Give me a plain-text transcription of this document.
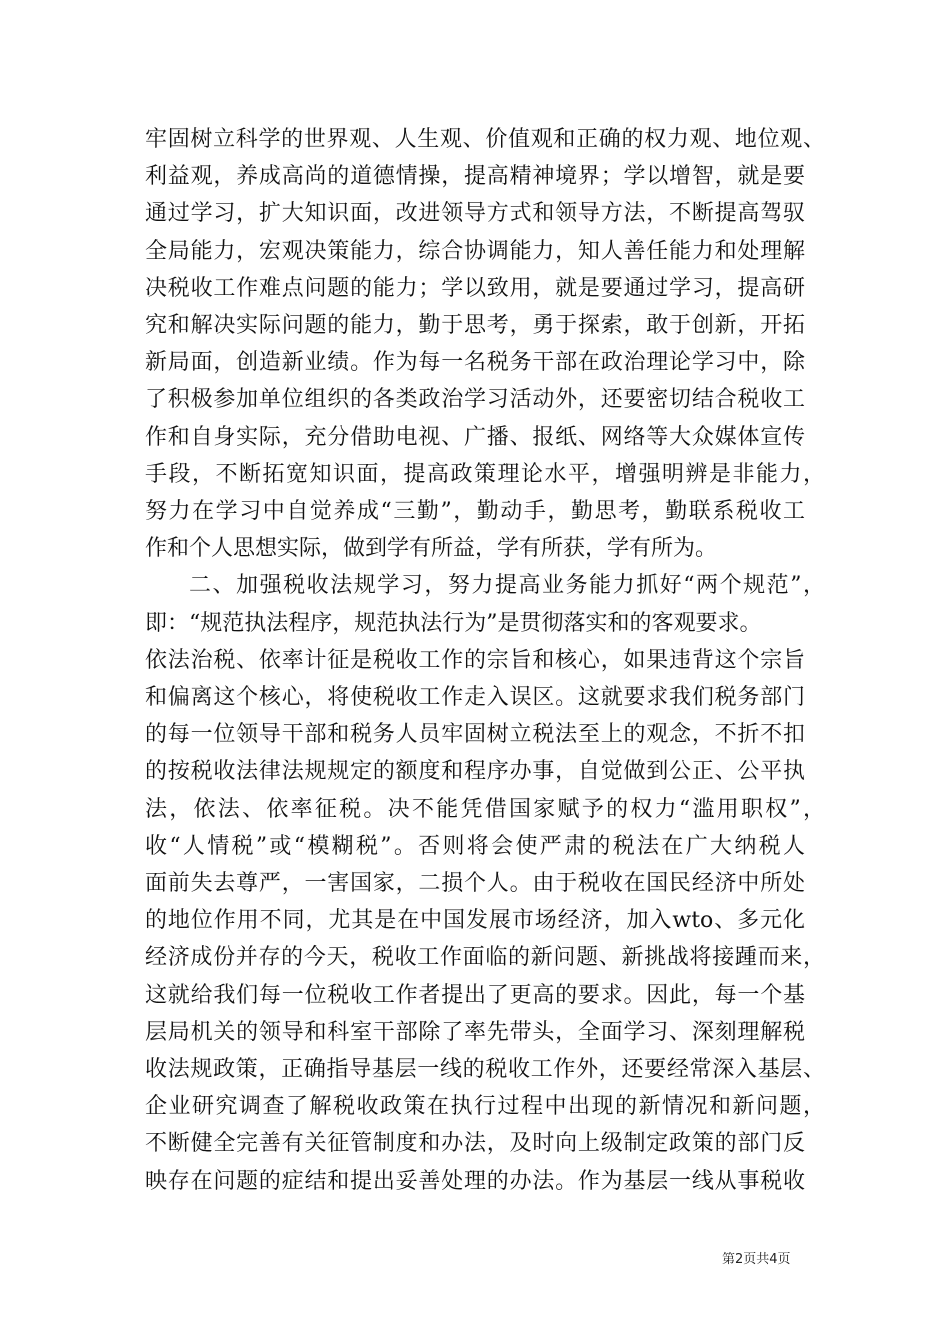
牢固树立科学的世界观、人生观、价值观和正确的权力观、地位观、
利益观，养成高尚的道德情操，提高精神境界；学以增智，就是要
通过学习，扩大知识面，改进领导方式和领导方法，不断提高驾驭
全局能力，宏观决策能力，综合协调能力，知人善任能力和处理解
决税收工作难点问题的能力；学以致用，就是要通过学习，提高研
究和解决实际问题的能力，勤于思考，勇于探索，敢于创新，开拓
新局面，创造新业绩。作为每一名税务干部在政治理论学习中，除
了积极参加单位组织的各类政治学习活动外，还要密切结合税收工
作和自身实际，充分借助电视、广播、报纸、网络等大众媒体宣传
手段，不断拓宽知识面，提高政策理论水平，增强明辨是非能力，
努力在学习中自觉养成“三勤”，勤动手，勤思考，勤联系税收工
作和个人思想实际，做到学有所益，学有所获，学有所为。
二、加强税收法规学习，努力提高业务能力抓好“两个规范”，
即：“规范执法程序，规范执法行为”是贯彻落实和的客观要求。
依法治税、依率计征是税收工作的宗旨和核心，如果违背这个宗旨
和偏离这个核心，将使税收工作走入误区。这就要求我们税务部门
的每一位领导干部和税务人员牢固树立税法至上的观念，不折不扣
的按税收法律法规规定的额度和程序办事，自觉做到公正、公平执
法，依法、依率征税。决不能凭借国家赋予的权力“滥用职权”，
收“人情税”或“模糊税”。否则将会使严肃的税法在广大纳税人
面前失去尊严，一害国家，二损个人。由于税收在国民经济中所处
的地位作用不同，尤其是在中国发展市场经济，加入wto、多元化
经济成份并存的今天，税收工作面临的新问题、新挑战将接踵而来，
这就给我们每一位税收工作者提出了更高的要求。因此，每一个基
层局机关的领导和科室干部除了率先带头，全面学习、深刻理解税
收法规政策，正确指导基层一线的税收工作外，还要经常深入基层、
企业研究调查了解税收政策在执行过程中出现的新情况和新问题，
不断健全完善有关征管制度和办法，及时向上级制定政策的部门反
映存在问题的症结和提出妥善处理的办法。作为基层一线从事税收
第2页共4页
